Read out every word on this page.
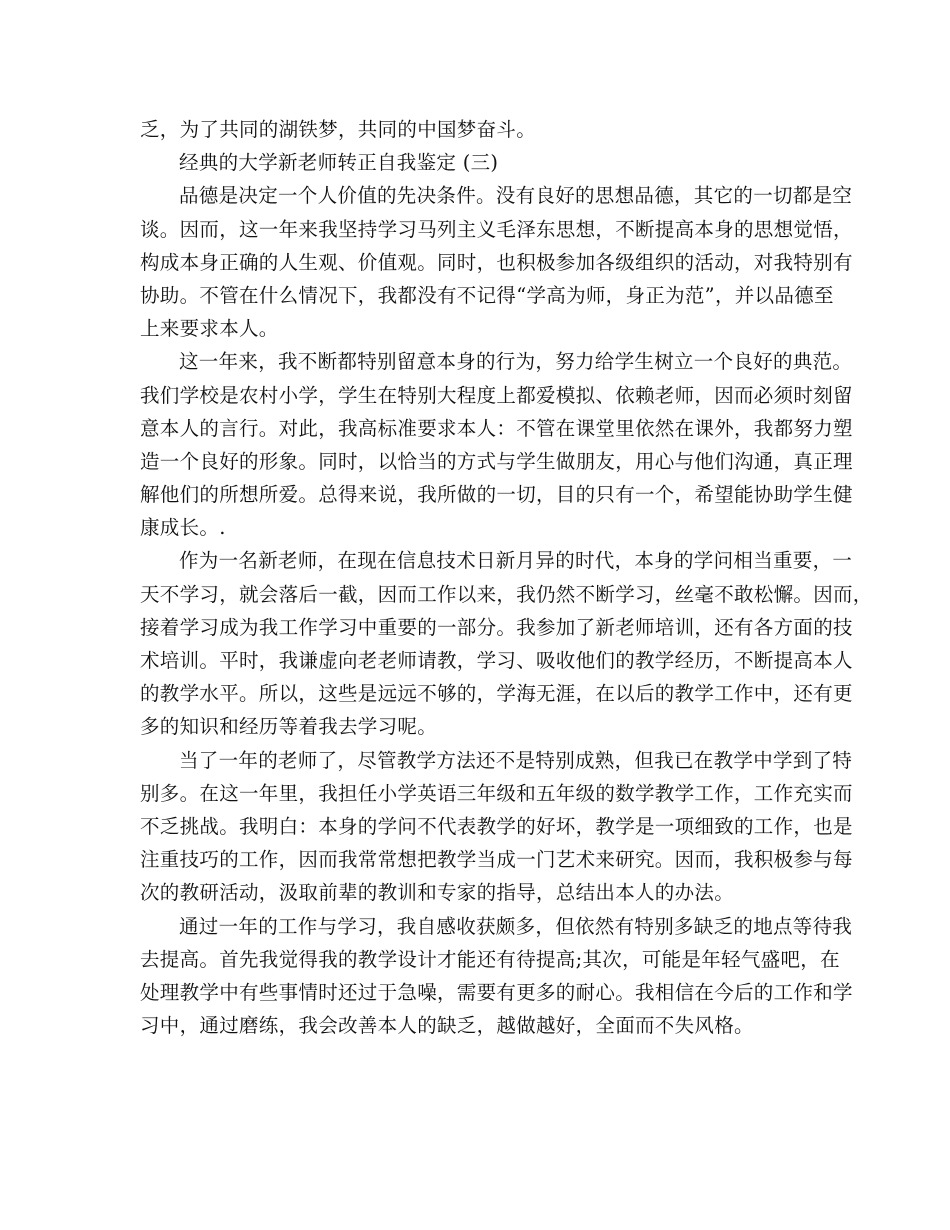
乏，为了共同的湖铁梦，共同的中国梦奋斗。
经典的大学新老师转正自我鉴定 (三)
品德是决定一个人价值的先决条件。没有良好的思想品德，其它的一切都是空
谈。因而，这一年来我坚持学习马列主义毛泽东思想，不断提高本身的思想觉悟，
构成本身正确的人生观、价值观。同时，也积极参加各级组织的活动，对我特别有
协助。不管在什么情况下，我都没有不记得“学高为师，身正为范”，并以品德至
上来要求本人。
这一年来，我不断都特别留意本身的行为，努力给学生树立一个良好的典范。
我们学校是农村小学，学生在特别大程度上都爱模拟、依赖老师，因而必须时刻留
意本人的言行。对此，我高标准要求本人：不管在课堂里依然在课外，我都努力塑
造一个良好的形象。同时，以恰当的方式与学生做朋友，用心与他们沟通，真正理
解他们的所想所爱。总得来说，我所做的一切，目的只有一个，希望能协助学生健
康成长。.
作为一名新老师，在现在信息技术日新月异的时代，本身的学问相当重要，一
天不学习，就会落后一截，因而工作以来，我仍然不断学习，丝毫不敢松懈。因而，
接着学习成为我工作学习中重要的一部分。我参加了新老师培训，还有各方面的技
术培训。平时，我谦虚向老老师请教，学习、吸收他们的教学经历，不断提高本人
的教学水平。所以，这些是远远不够的，学海无涯，在以后的教学工作中，还有更
多的知识和经历等着我去学习呢。
当了一年的老师了，尽管教学方法还不是特别成熟，但我已在教学中学到了特
别多。在这一年里，我担任小学英语三年级和五年级的数学教学工作，工作充实而
不乏挑战。我明白：本身的学问不代表教学的好坏，教学是一项细致的工作，也是
注重技巧的工作，因而我常常想把教学当成一门艺术来研究。因而，我积极参与每
次的教研活动，汲取前辈的教训和专家的指导，总结出本人的办法。
通过一年的工作与学习，我自感收获颇多，但依然有特别多缺乏的地点等待我
去提高。首先我觉得我的教学设计才能还有待提高;其次，可能是年轻气盛吧，在
处理教学中有些事情时还过于急噪，需要有更多的耐心。我相信在今后的工作和学
习中，通过磨练，我会改善本人的缺乏，越做越好，全面而不失风格。
